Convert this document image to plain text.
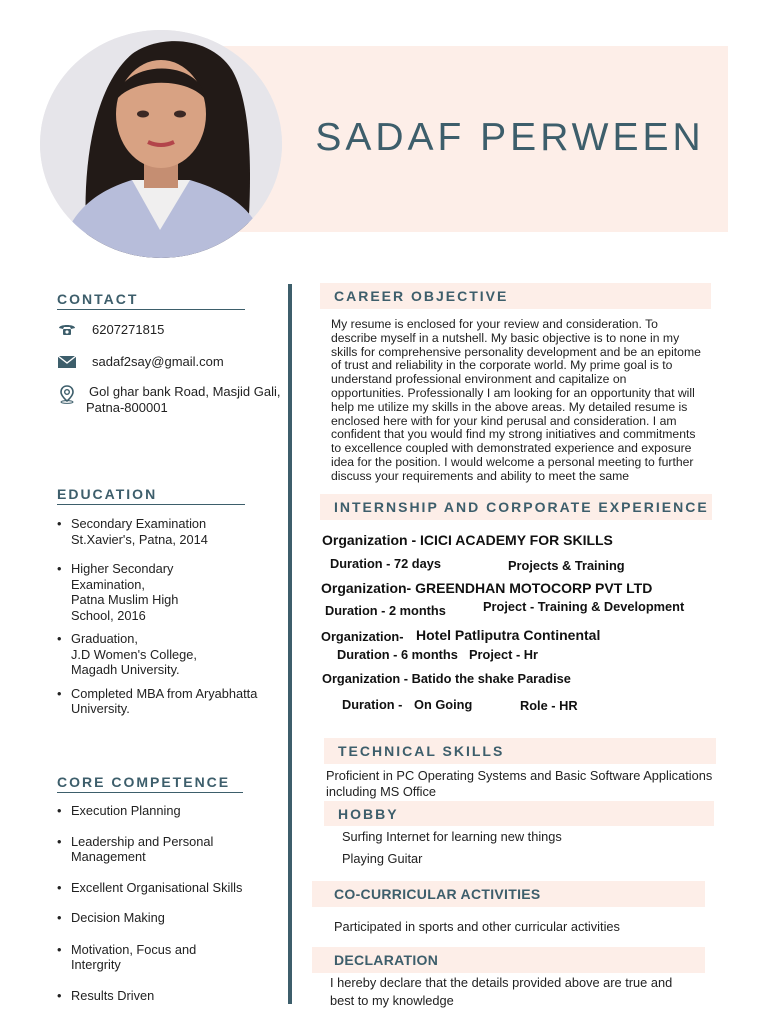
SADAF PERWEEN
CONTACT
6207271815
sadaf2say@gmail.com
Gol ghar bank Road, Masjid Gali,
Patna-800001
EDUCATION
• Secondary Examination
St.Xavier's, Patna, 2014
• Higher Secondary
Examination,
Patna Muslim High
School, 2016
• Graduation,
J.D Women's College,
Magadh University.
• Completed MBA from Aryabhatta
University.
CORE COMPETENCE
• Execution Planning
• Leadership and Personal
Management
• Excellent Organisational Skills
• Decision Making
• Motivation, Focus and
Intergrity
• Results Driven
CAREER OBJECTIVE
My resume is enclosed for your review and consideration. To
describe myself in a nutshell. My basic objective is to none in my
skills for comprehensive personality development and be an epitome
of trust and reliability in the corporate world. My prime goal is to
understand professional environment and capitalize on
opportunities. Professionally I am looking for an opportunity that will
help me utilize my skills in the above areas. My detailed resume is
enclosed here with for your kind perusal and consideration. I am
confident that you would find my strong initiatives and commitments
to excellence coupled with demonstrated experience and exposure
idea for the position. I would welcome a personal meeting to further
discuss your requirements and ability to meet the same
INTERNSHIP AND CORPORATE EXPERIENCE
Organization - ICICI ACADEMY FOR SKILLS
Duration - 72 days	Projects & Training
Organization- GREENDHAN MOTOCORP PVT LTD
Duration - 2 months	Project - Training & Development
Organization- Hotel Patliputra Continental
Duration - 6 months Project - Hr
Organization - Batido the shake Paradise
Duration - On Going	Role - HR
TECHNICAL SKILLS
Proficient in PC Operating Systems and Basic Software Applications
including MS Office
HOBBY
Surfing Internet for learning new things
Playing Guitar
CO-CURRICULAR ACTIVITIES
Participated in sports and other curricular activities
DECLARATION
I hereby declare that the details provided above are true and
best to my knowledge
